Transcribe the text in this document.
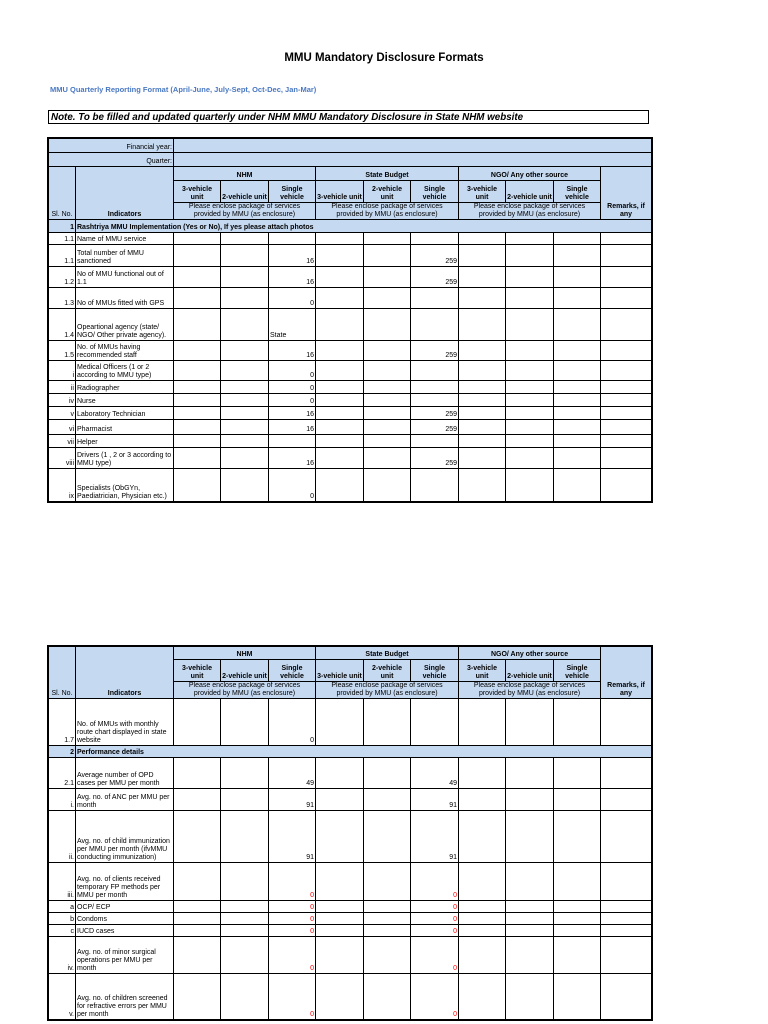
MMU Mandatory Disclosure Formats
MMU Quarterly Reporting Format (April-June, July-Sept, Oct-Dec, Jan-Mar)
Note. To be filled and updated quarterly under NHM MMU Mandatory Disclosure in State NHM website
Financial year:											
Quarter:											
Sl. No.	Indicators	NHM			State Budget			NGO/ Any other source			Remarks, if any
		3-vehicle unit	2-vehicle unit	Single vehicle	3-vehicle unit	2-vehicle unit	Single vehicle	3-vehicle unit	2-vehicle unit	Single vehicle	
		Please enclose package of services provided by MMU (as enclosure)			Please enclose package of services provided by MMU (as enclosure)			Please enclose package of services provided by MMU (as enclosure)			

1	Rashtriya MMU Implementation (Yes or No), If yes please attach photos										
1.1	Name of MMU service										
1.1	Total number of MMU sanctioned			16			259				
1.2	No of MMU functional out of 1.1			16			259				
1.3	No of MMUs fitted with GPS			0							
1.4	Opeartional agency (state/ NGO/ Other private agency).			State							
1.5	No. of MMUs having recommended staff			16			259				
i	Medical Officers (1 or 2 according to MMU type)			0							
ii	Radiographer			0							
iv	Nurse			0							
v	Laboratory Technician			16			259				
vi	Pharmacist			16			259				
vii	Helper										
viii	Drivers (1 , 2 or 3 according to MMU type)			16			259				
ix	Specialists (ObGYn, Paediatrician, Physician etc.)			0							
Sl. No.	Indicators	NHM			State Budget			NGO/ Any other source			Remarks, if any
		3-vehicle unit	2-vehicle unit	Single vehicle	3-vehicle unit	2-vehicle unit	Single vehicle	3-vehicle unit	2-vehicle unit	Single vehicle	
		Please enclose package of services provided by MMU (as enclosure)			Please enclose package of services provided by MMU (as enclosure)			Please enclose package of services provided by MMU (as enclosure)			

1.7	No. of MMUs with monthly route chart displayed in state website			0							
2	Performance details										
2.1	Average number of OPD cases per MMU per month			49			49				
i.	Avg. no. of ANC per MMU per month			91			91				
ii.	Avg. no. of child immunization per MMU per month (ifvMMU conducting immunization)			91			91				
iii.	Avg. no. of clients received temporary FP methods per MMU per month			0			0				
a	OCP/ ECP			0			0				
b	Condoms			0			0				
c	IUCD cases			0			0				
iv.	Avg. no. of minor surgical operations per MMU per month			0			0				
v.	Avg. no. of children screened for refractive errors per MMU per month			0			0				
